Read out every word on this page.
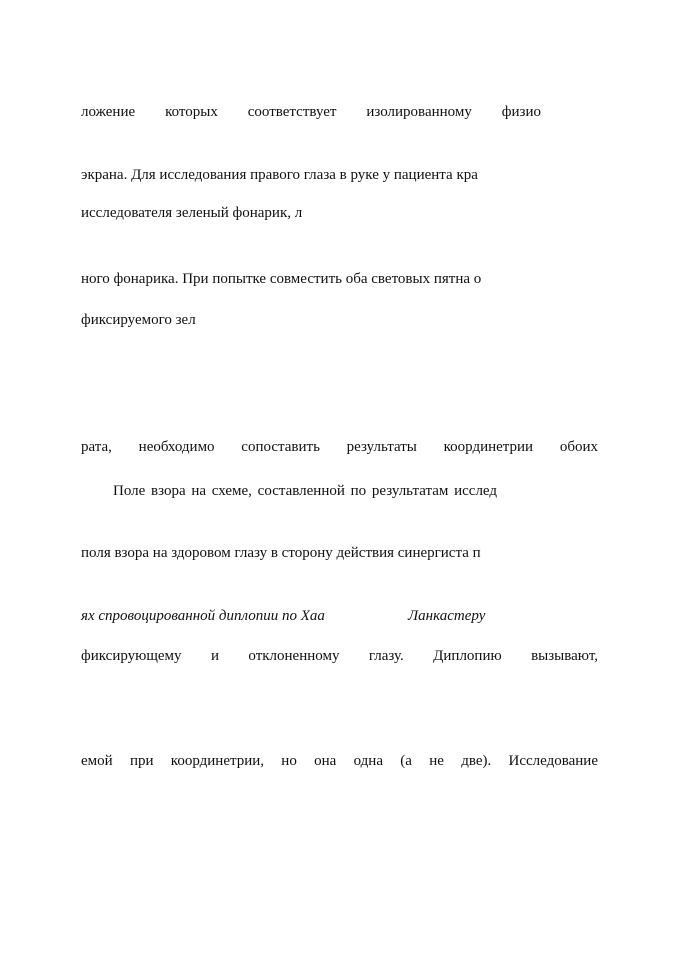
ложение которых соответствует изолированному физио
экрана. Для исследования правого глаза в руке у пациента кра
исследователя зеленый фонарик, л
ного фонарика. При попытке совместить оба световых пятна о
фиксируемого зел
рата, необходимо сопоставить результаты координетрии обоих
Поле взора на схеме, составленной по результатам исслед
поля взора на здоровом глазу в сторону действия синергиста п
ях спровоцированной диплопии по Хаа	Ланкастеру
фиксирующему и отклоненному глазу. Диплопию вызывают,
емой при координетрии, но она одна (а не две). Исследование
